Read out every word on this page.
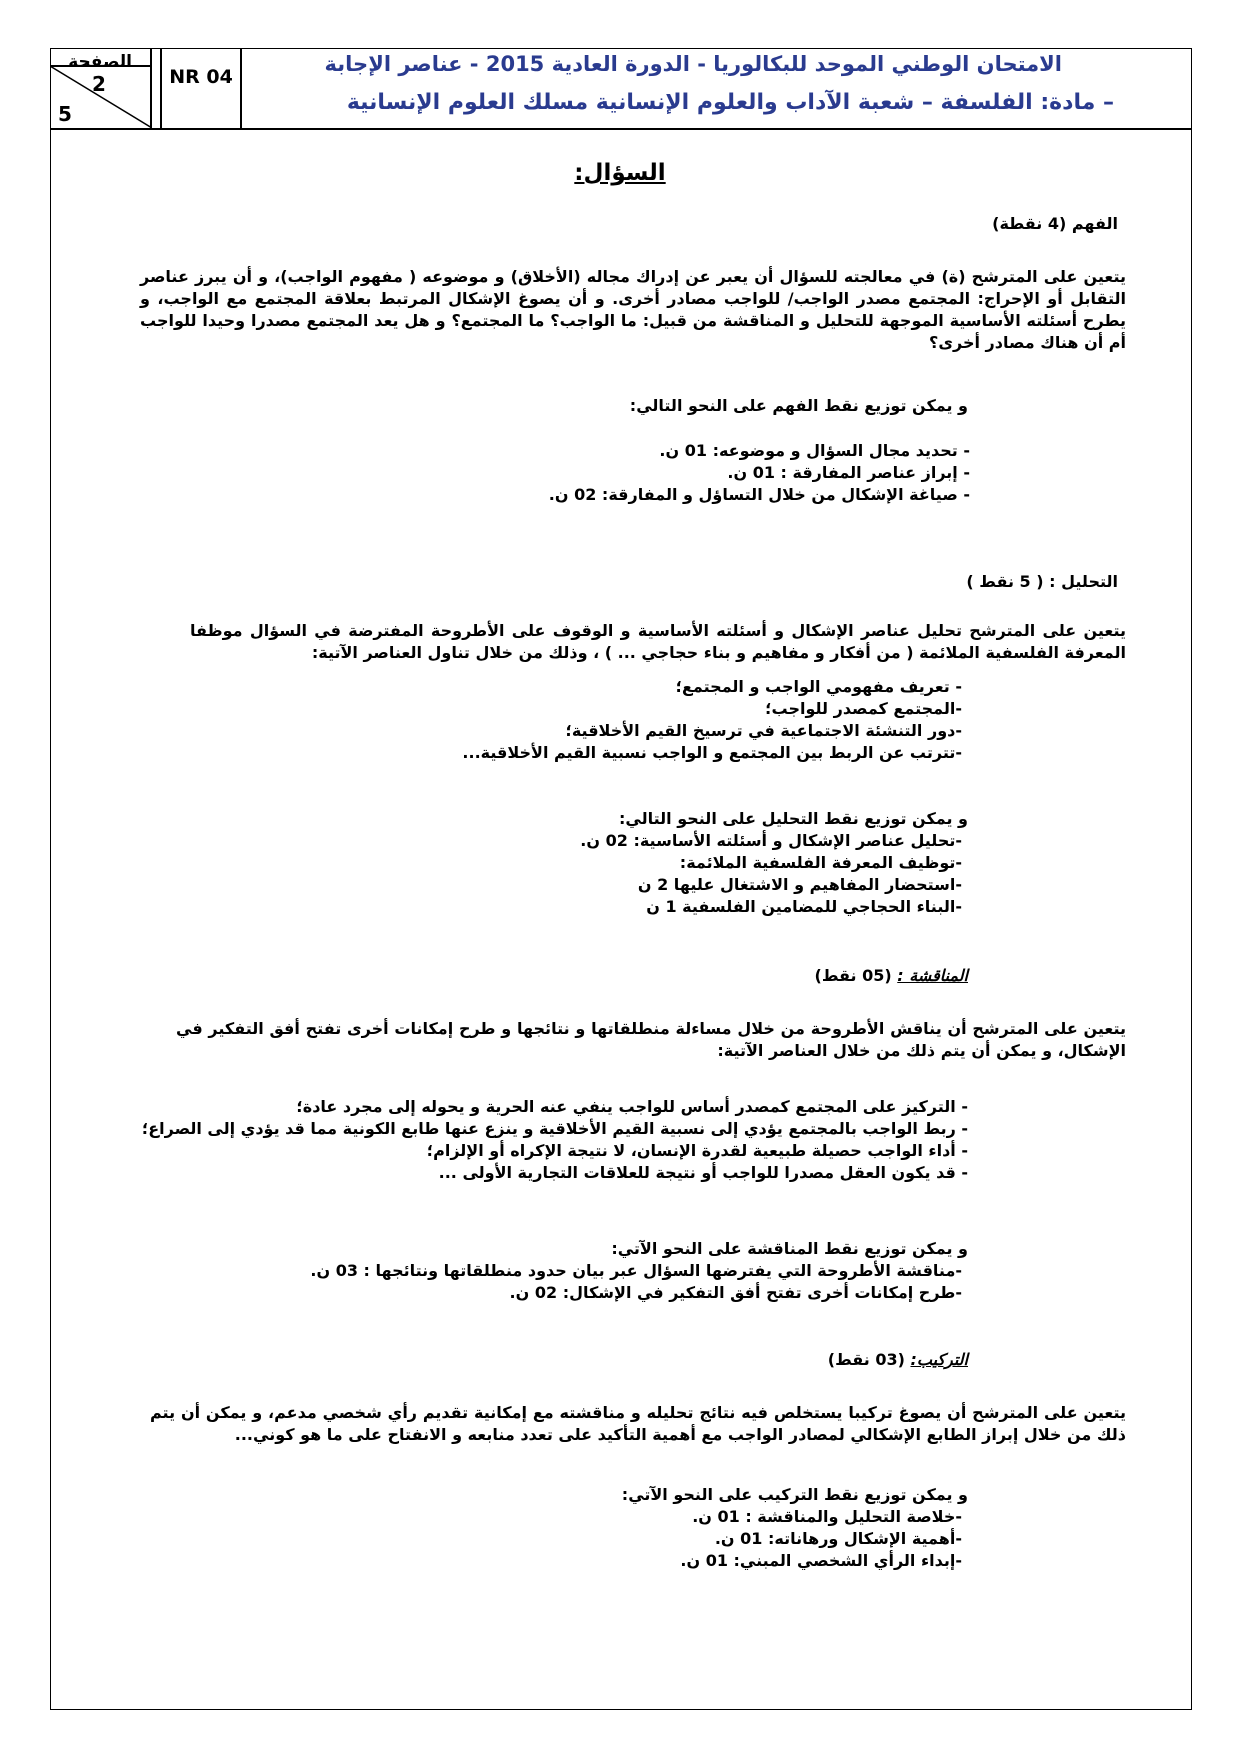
الصفحة
2
5
NR 04
الامتحان الوطني الموحد للبكالوريا - الدورة العادية 2015 - عناصر الإجابة
– مادة: الفلسفة – شعبة الآداب والعلوم الإنسانية مسلك العلوم الإنسانية
السؤال:
الفهم (4 نقطة)
يتعين على المترشح (ة) في معالجته للسؤال أن يعبر عن إدراك مجاله (الأخلاق) و موضوعه ( مفهوم الواجب)، و أن يبرز عناصر التقابل أو الإحراج: المجتمع مصدر الواجب/ للواجب مصادر أخرى. و أن يصوغ الإشكال المرتبط بعلاقة المجتمع مع الواجب، و يطرح أسئلته الأساسية الموجهة للتحليل و المناقشة من قبيل: ما الواجب؟ ما المجتمع؟ و هل يعد المجتمع مصدرا وحيدا للواجب أم أن هناك مصادر أخرى؟
و يمكن توزيع نقط الفهم على النحو التالي:
- تحديد مجال السؤال و موضوعه: 01 ن.
- إبراز عناصر المفارقة : 01 ن.
- صياغة الإشكال من خلال التساؤل و المفارقة: 02 ن.
التحليل : ( 5 نقط )
يتعين على المترشح تحليل عناصر الإشكال و أسئلته الأساسية و الوقوف على الأطروحة المفترضة في السؤال موظفا المعرفة الفلسفية الملائمة ( من أفكار و مفاهيم و بناء حجاجي ... ) ، وذلك من خلال تناول العناصر الآتية:
- تعريف مفهومي الواجب و المجتمع؛
-المجتمع كمصدر للواجب؛
-دور التنشئة الاجتماعية في ترسيخ القيم الأخلاقية؛
-تترتب عن الربط بين المجتمع و الواجب نسبية القيم الأخلاقية...
و يمكن توزيع نقط التحليل على النحو التالي:
-تحليل عناصر الإشكال و أسئلته الأساسية: 02 ن.
-توظيف المعرفة الفلسفية الملائمة:
-استحضار المفاهيم و الاشتغال عليها 2 ن
-البناء الحجاجي للمضامين الفلسفية 1 ن
المناقشة : (05 نقط)
يتعين على المترشح أن يناقش الأطروحة من خلال مساءلة منطلقاتها و نتائجها و طرح إمكانات أخرى تفتح أفق التفكير في الإشكال، و يمكن أن يتم ذلك من خلال العناصر الآتية:
- التركيز على المجتمع كمصدر أساس للواجب ينفي عنه الحرية و يحوله إلى مجرد عادة؛
- ربط الواجب بالمجتمع يؤدي إلى نسبية القيم الأخلاقية و ينزع عنها طابع الكونية مما قد يؤدي إلى الصراع؛
- أداء الواجب حصيلة طبيعية لقدرة الإنسان، لا نتيجة الإكراه أو الإلزام؛
- قد يكون العقل مصدرا للواجب أو نتيجة للعلاقات التجارية الأولى ...
و يمكن توزيع نقط المناقشة على النحو الآتي:
-مناقشة الأطروحة التي يفترضها السؤال عبر بيان حدود منطلقاتها ونتائجها : 03 ن.
-طرح إمكانات أخرى تفتح أفق التفكير في الإشكال: 02 ن.
التركيب: (03 نقط)
يتعين على المترشح أن يصوغ تركيبا يستخلص فيه نتائج تحليله و مناقشته مع إمكانية تقديم رأي شخصي مدعم، و يمكن أن يتم ذلك من خلال إبراز الطابع الإشكالي لمصادر الواجب مع أهمية التأكيد على تعدد منابعه و الانفتاح على ما هو كوني...
و يمكن توزيع نقط التركيب على النحو الآتي:
-خلاصة التحليل والمناقشة : 01 ن.
-أهمية الإشكال ورهاناته: 01 ن.
-إبداء الرأي الشخصي المبني: 01 ن.
